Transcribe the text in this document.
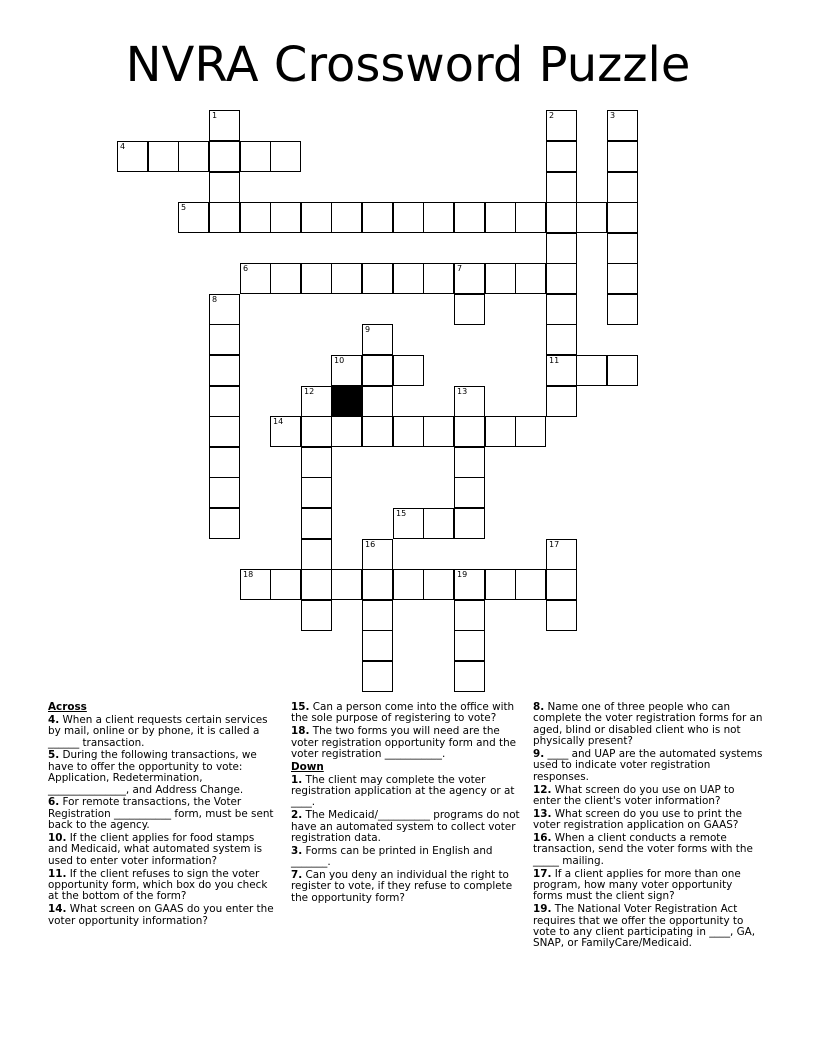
NVRA Crossword Puzzle
1	2	3
4
5
6	7
8
9
10	11
12	13
14
15
16	17
18	19

Across

4. When a client requests certain services by mail, online or by phone, it is called a ______ transaction.

5. During the following transactions, we have to offer the opportunity to vote: Application, Redetermination, _______________, and Address Change.

6. For remote transactions, the Voter Registration ___________ form, must be sent back to the agency.

10. If the client applies for food stamps and Medicaid, what automated system is used to enter voter information?

11. If the client refuses to sign the voter opportunity form, which box do you check at the bottom of the form?

14. What screen on GAAS do you enter the voter opportunity information?

15. Can a person come into the office with the sole purpose of registering to vote?

18. The two forms you will need are the voter registration opportunity form and the voter registration ___________.

Down

1. The client may complete the voter registration application at the agency or at ____.

2. The Medicaid/__________ programs do not have an automated system to collect voter registration data.

3. Forms can be printed in English and _______.

7. Can you deny an individual the right to register to vote, if they refuse to complete the opportunity form?

8. Name one of three people who can complete the voter registration forms for an aged, blind or disabled client who is not physically present?

9. ____ and UAP are the automated systems used to indicate voter registration responses.

12. What screen do you use on UAP to enter the client's voter information?

13. What screen do you use to print the voter registration application on GAAS?

16. When a client conducts a remote transaction, send the voter forms with the _____ mailing.

17. If a client applies for more than one program, how many voter opportunity forms must the client sign?

19. The National Voter Registration Act requires that we offer the opportunity to vote to any client participating in ____, GA, SNAP, or FamilyCare/Medicaid.
